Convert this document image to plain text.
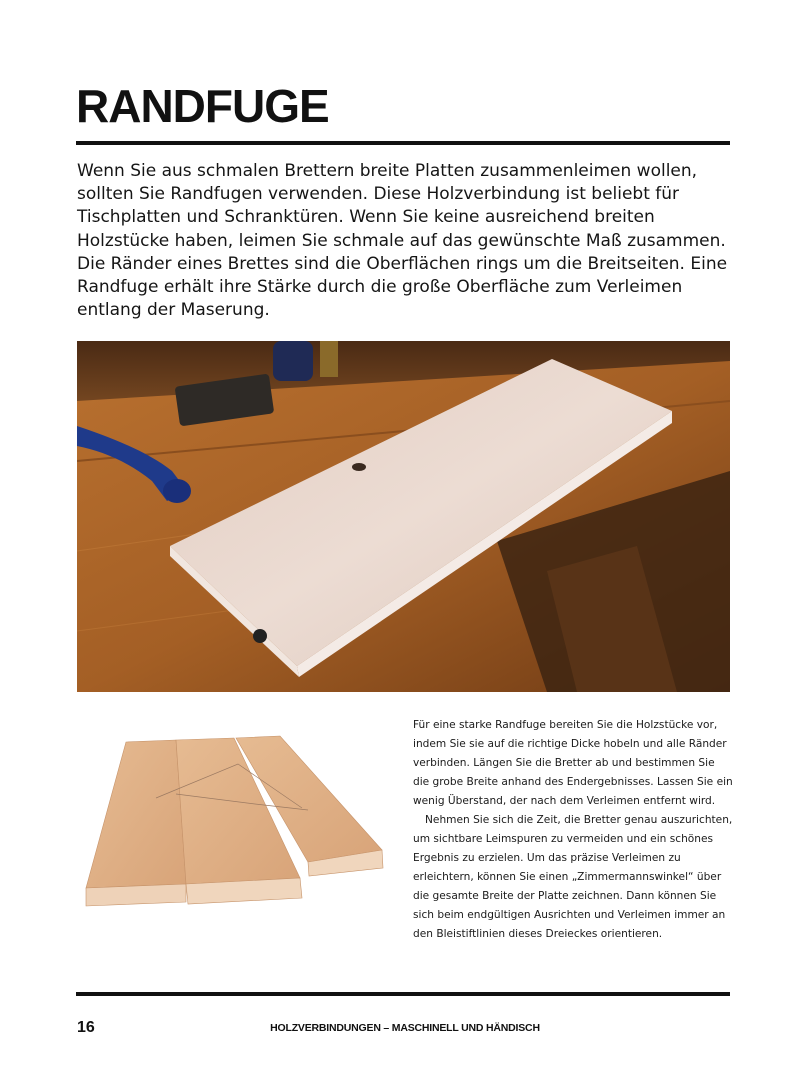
RANDFUGE

Wenn Sie aus schmalen Brettern breite Platten zusammenleimen wollen, sollten Sie Randfugen verwenden. Diese Holzverbindung ist beliebt für Tischplatten und Schranktüren. Wenn Sie keine ausreichend breiten Holzstücke haben, leimen Sie schmale auf das gewünschte Maß zusammen. Die Ränder eines Brettes sind die Oberflächen rings um die Breitseiten. Eine Randfuge erhält ihre Stärke durch die große Oberfläche zum Verleimen entlang der Maserung.

Für eine starke Randfuge bereiten Sie die Holzstücke vor, indem Sie sie auf die richtige Dicke hobeln und alle Ränder verbinden. Längen Sie die Bretter ab und bestimmen Sie die grobe Breite anhand des Endergebnisses. Lassen Sie ein wenig Überstand, der nach dem Verleimen entfernt wird.

Nehmen Sie sich die Zeit, die Bretter genau auszurichten, um sichtbare Leimspuren zu vermeiden und ein schönes Ergebnis zu erzielen. Um das präzise Verleimen zu erleichtern, können Sie einen „Zimmermannswinkel“ über die gesamte Breite der Platte zeichnen. Dann können Sie sich beim endgültigen Ausrichten und Verleimen immer an den Bleistiftlinien dieses Dreieckes orientieren.

16	HOLZVERBINDUNGEN – MASCHINELL UND HÄNDISCH
